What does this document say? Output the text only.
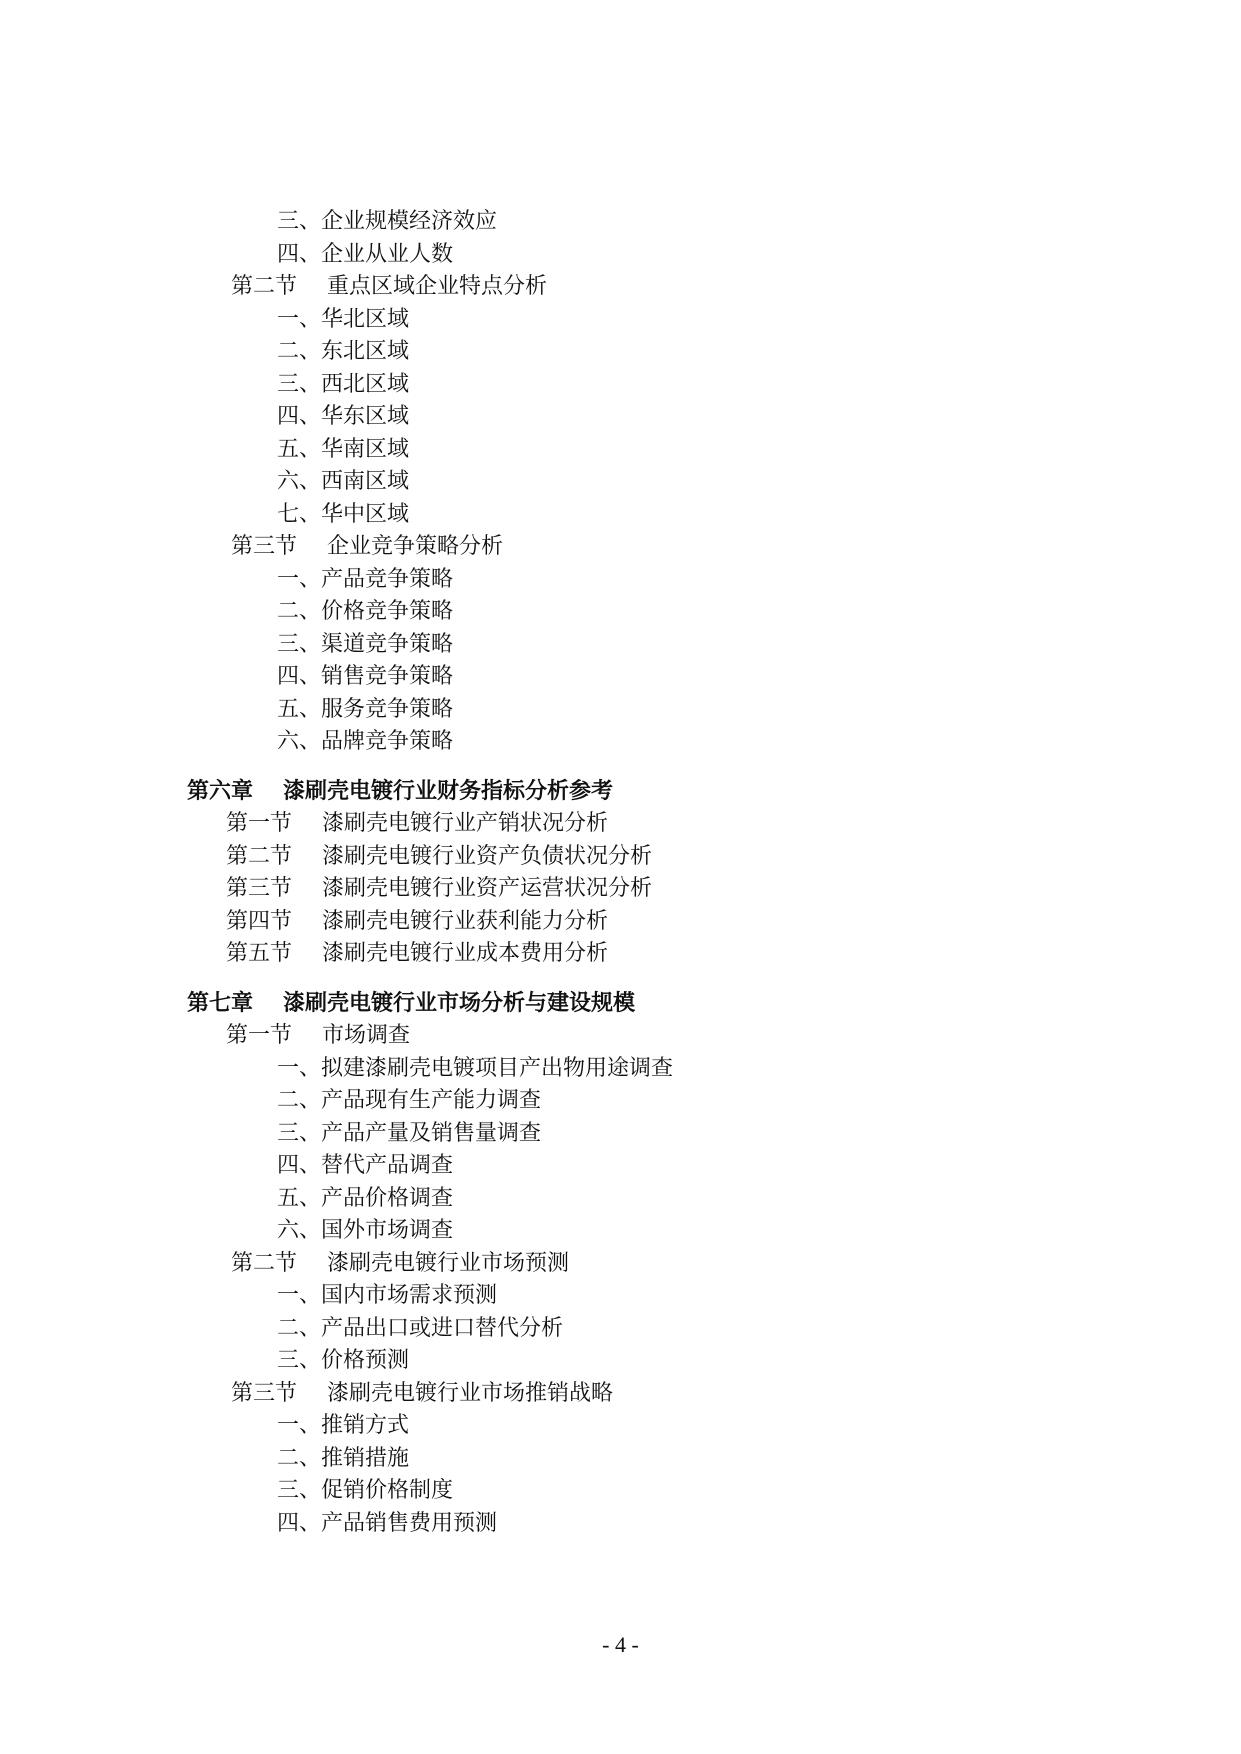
三、企业规模经济效应
四、企业从业人数
第二节 重点区域企业特点分析
一、华北区域
二、东北区域
三、西北区域
四、华东区域
五、华南区域
六、西南区域
七、华中区域
第三节 企业竞争策略分析
一、产品竞争策略
二、价格竞争策略
三、渠道竞争策略
四、销售竞争策略
五、服务竞争策略
六、品牌竞争策略
第六章 漆刷壳电镀行业财务指标分析参考
第一节 漆刷壳电镀行业产销状况分析
第二节 漆刷壳电镀行业资产负债状况分析
第三节 漆刷壳电镀行业资产运营状况分析
第四节 漆刷壳电镀行业获利能力分析
第五节 漆刷壳电镀行业成本费用分析
第七章 漆刷壳电镀行业市场分析与建设规模
第一节 市场调查
一、拟建漆刷壳电镀项目产出物用途调查
二、产品现有生产能力调查
三、产品产量及销售量调查
四、替代产品调查
五、产品价格调查
六、国外市场调查
第二节 漆刷壳电镀行业市场预测
一、国内市场需求预测
二、产品出口或进口替代分析
三、价格预测
第三节 漆刷壳电镀行业市场推销战略
一、推销方式
二、推销措施
三、促销价格制度
四、产品销售费用预测
- 4 -
